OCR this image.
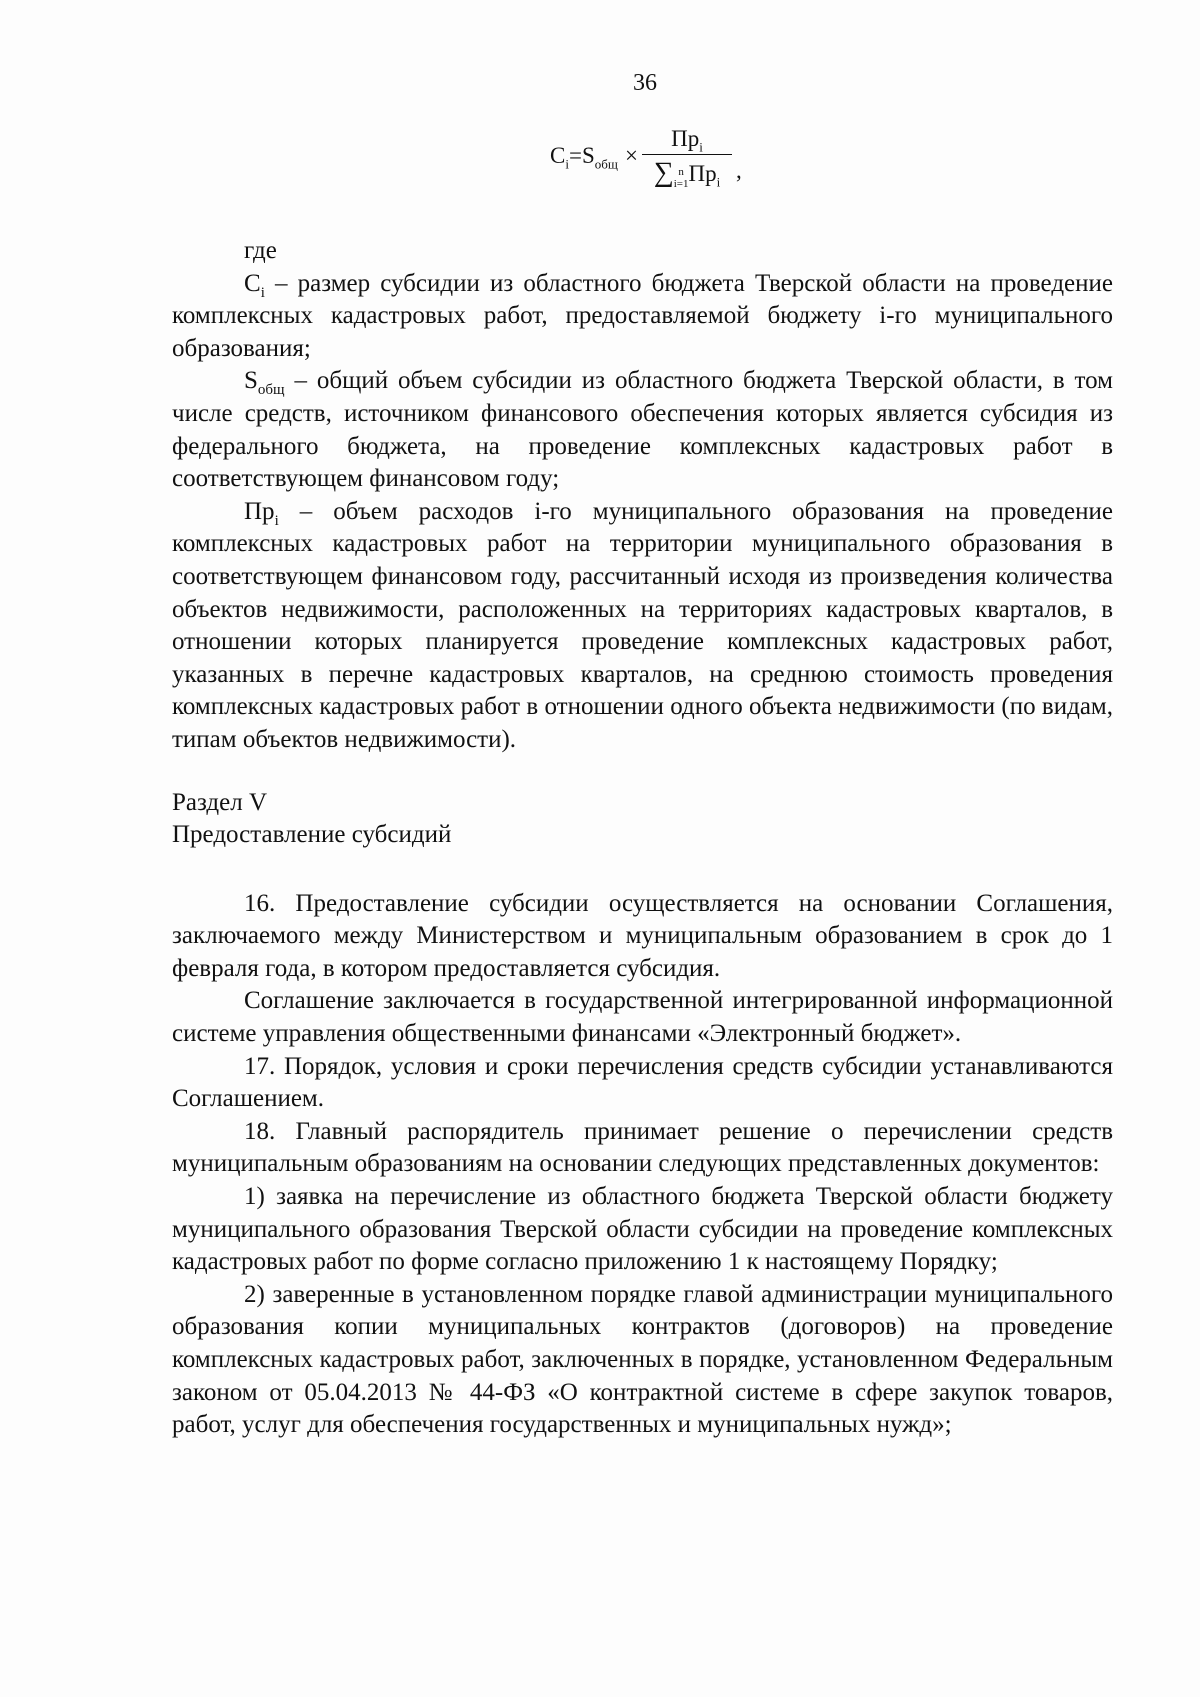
36
$C_i=S_{общ}$ ×
$Пр_i$
∑ n
i=1 $Пр_i$ ,

где

$C_i$ – размер субсидии из областного бюджета Тверской области на проведение комплексных кадастровых работ, предоставляемой бюджету i-го муниципального образования;

$S_{общ}$ – общий объем субсидии из областного бюджета Тверской области, в том числе средств, источником финансового обеспечения которых является субсидия из федерального бюджета, на проведение комплексных кадастровых работ в соответствующем финансовом году;

$Пр_i$ – объем расходов i-го муниципального образования на проведение комплексных кадастровых работ на территории муниципального образования в соответствующем финансовом году, рассчитанный исходя из произведения количества объектов недвижимости, расположенных на территориях кадастровых кварталов, в отношении которых планируется проведение комплексных кадастровых работ, указанных в перечне кадастровых кварталов, на среднюю стоимость проведения комплексных кадастровых работ в отношении одного объекта недвижимости (по видам, типам объектов недвижимости).

Раздел V

Предоставление субсидий

16. Предоставление субсидии осуществляется на основании Соглашения, заключаемого между Министерством и муниципальным образованием в срок до 1 февраля года, в котором предоставляется субсидия.

Соглашение заключается в государственной интегрированной информационной системе управления общественными финансами «Электронный бюджет».

17. Порядок, условия и сроки перечисления средств субсидии устанавливаются Соглашением.

18. Главный распорядитель принимает решение о перечислении средств муниципальным образованиям на основании следующих представленных документов:

1) заявка на перечисление из областного бюджета Тверской области бюджету муниципального образования Тверской области субсидии на проведение комплексных кадастровых работ по форме согласно приложению 1 к настоящему Порядку;

2) заверенные в установленном порядке главой администрации муниципального образования копии муниципальных контрактов (договоров) на проведение комплексных кадастровых работ, заключенных в порядке, установленном Федеральным законом от 05.04.2013 № 44-ФЗ «О контрактной системе в сфере закупок товаров, работ, услуг для обеспечения государственных и муниципальных нужд»;
